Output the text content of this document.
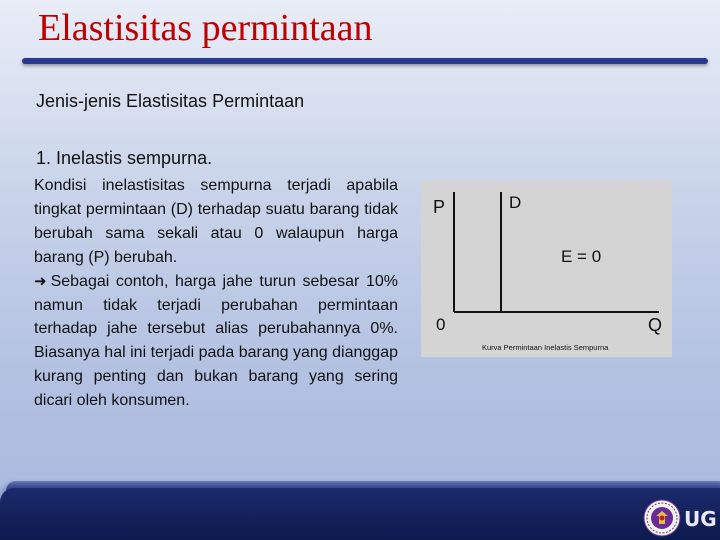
Elastisitas permintaan

Jenis-jenis Elastisitas Permintaan

1. Inelastis sempurna.

Kondisi inelastisitas sempurna terjadi apabila tingkat permintaan (D) terhadap suatu barang tidak berubah sama sekali atau 0 walaupun harga barang (P) berubah.

➜ Sebagai contoh, harga jahe turun sebesar 10% namun tidak terjadi perubahan permintaan terhadap jahe tersebut alias perubahannya 0%. Biasanya hal ini terjadi pada barang yang dianggap kurang penting dan bukan barang yang sering dicari oleh konsumen.

P	D
E = 0
0	Q
Kurva Permintaan Inelastis Sempurna
UG
